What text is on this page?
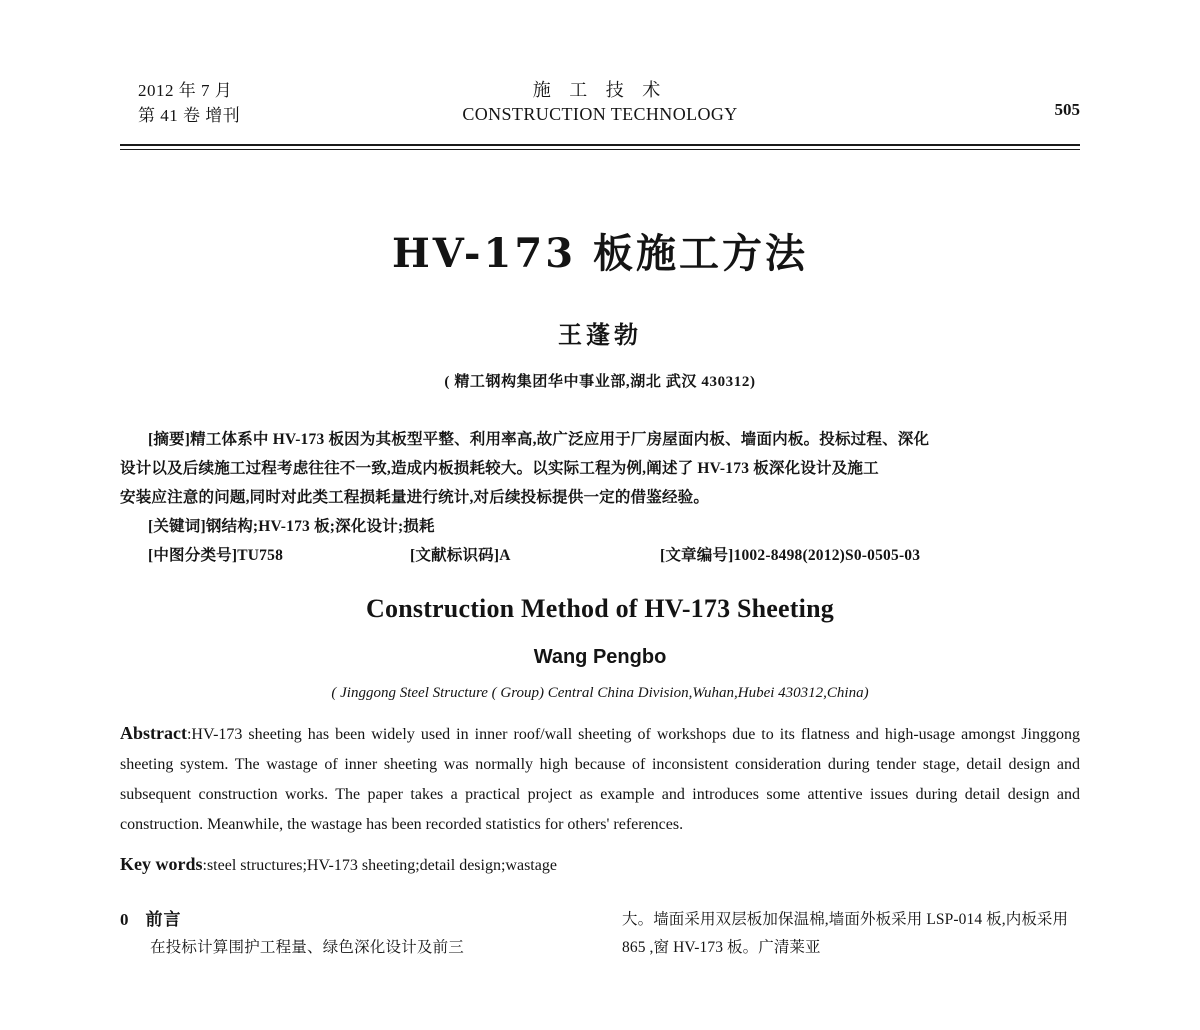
2012 年 7 月
第 41 卷 增刊
施 工 技 术
CONSTRUCTION TECHNOLOGY	505
HV-173 板施工方法
王蓬勃
( 精工钢构集团华中事业部,湖北 武汉 430312)
[摘要]精工体系中 HV-173 板因为其板型平整、利用率高,故广泛应用于厂房屋面内板、墙面内板。投标过程、深化
设计以及后续施工过程考虑往往不一致,造成内板损耗较大。以实际工程为例,阐述了 HV-173 板深化设计及施工
安装应注意的问题,同时对此类工程损耗量进行统计,对后续投标提供一定的借鉴经验。
[关键词]钢结构;HV-173 板;深化设计;损耗
[中图分类号]TU758	[文献标识码]A	[文章编号]1002-8498(2012)S0-0505-03
Construction Method of HV-173 Sheeting
Wang Pengbo
( Jinggong Steel Structure ( Group) Central China Division,Wuhan,Hubei 430312,China)
Abstract:HV-173 sheeting has been widely used in inner roof/wall sheeting of workshops due to its flatness and high-usage amongst Jinggong sheeting system. The wastage of inner sheeting was normally high because of inconsistent consideration during tender stage, detail design and subsequent construction works. The paper takes a practical project as example and introduces some attentive issues during detail design and construction. Meanwhile, the wastage has been recorded statistics for others' references.
Key words:steel structures;HV-173 sheeting;detail design;wastage
0 前言

在投标计算围护工程量、绿色深化设计及前三

大。墙面采用双层板加保温棉,墙面外板采用 LSP-014 板,内板采用 865 ,窗 HV-173 板。广清莱亚
